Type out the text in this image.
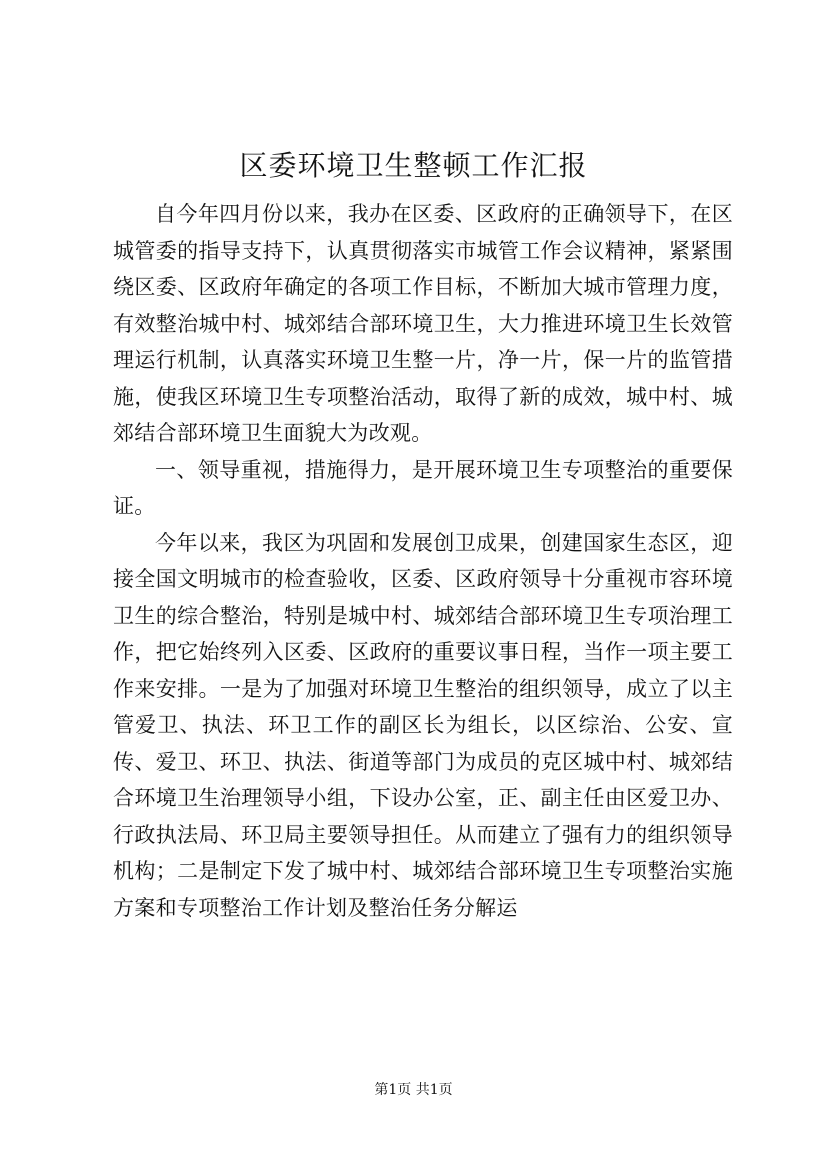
区委环境卫生整顿工作汇报

自今年四月份以来，我办在区委、区政府的正确领导下，在区城管委的指导支持下，认真贯彻落实市城管工作会议精神，紧紧围绕区委、区政府年确定的各项工作目标，不断加大城市管理力度，有效整治城中村、城郊结合部环境卫生，大力推进环境卫生长效管理运行机制，认真落实环境卫生整一片，净一片，保一片的监管措施，使我区环境卫生专项整治活动，取得了新的成效，城中村、城郊结合部环境卫生面貌大为改观。

一、领导重视，措施得力，是开展环境卫生专项整治的重要保证。

今年以来，我区为巩固和发展创卫成果，创建国家生态区，迎接全国文明城市的检查验收，区委、区政府领导十分重视市容环境卫生的综合整治，特别是城中村、城郊结合部环境卫生专项治理工作，把它始终列入区委、区政府的重要议事日程，当作一项主要工作来安排。一是为了加强对环境卫生整治的组织领导，成立了以主管爱卫、执法、环卫工作的副区长为组长，以区综治、公安、宣传、爱卫、环卫、执法、街道等部门为成员的克区城中村、城郊结合环境卫生治理领导小组，下设办公室，正、副主任由区爱卫办、行政执法局、环卫局主要领导担任。从而建立了强有力的组织领导机构；二是制定下发了城中村、城郊结合部环境卫生专项整治实施方案和专项整治工作计划及整治任务分解运

第1页 共1页
